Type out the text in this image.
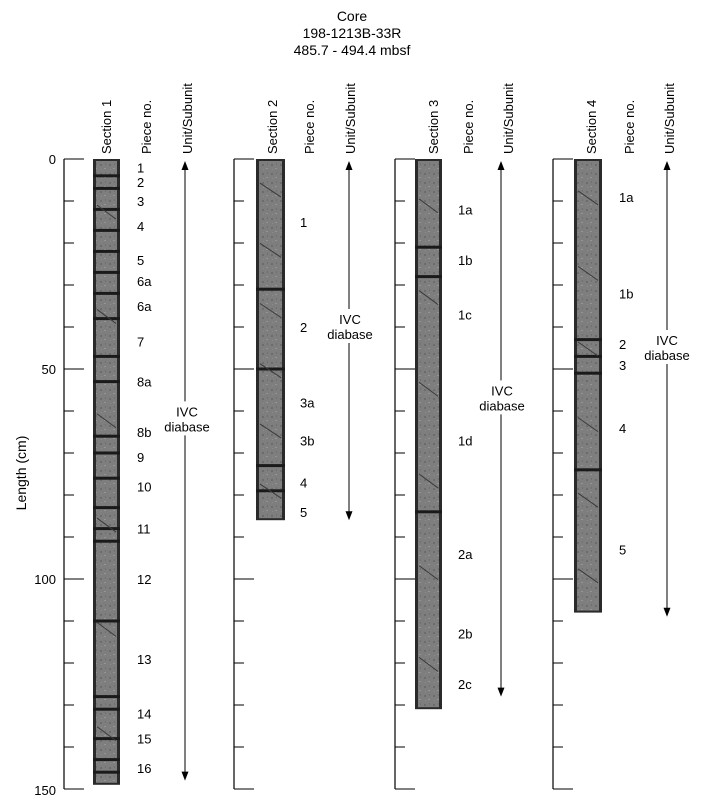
Core
198-1213B-33R
485.7 - 494.4 mbsf
Length (cm)
0
50
100
150
Section 1 Piece no. Unit/Subunit
1
2
3
4
5
6a
6a
7
8a
8b
9
10
11
12
13
14
15
16
IVC
diabase
Section 2 Piece no. Unit/Subunit
1
2
3a
3b
4
5
IVC
diabase
Section 3 Piece no. Unit/Subunit
1a
1b
1c
1d
2a
2b
2c
IVC
diabase
Section 4 Piece no. Unit/Subunit
1a
1b
2
3
4
5
IVC
diabase
